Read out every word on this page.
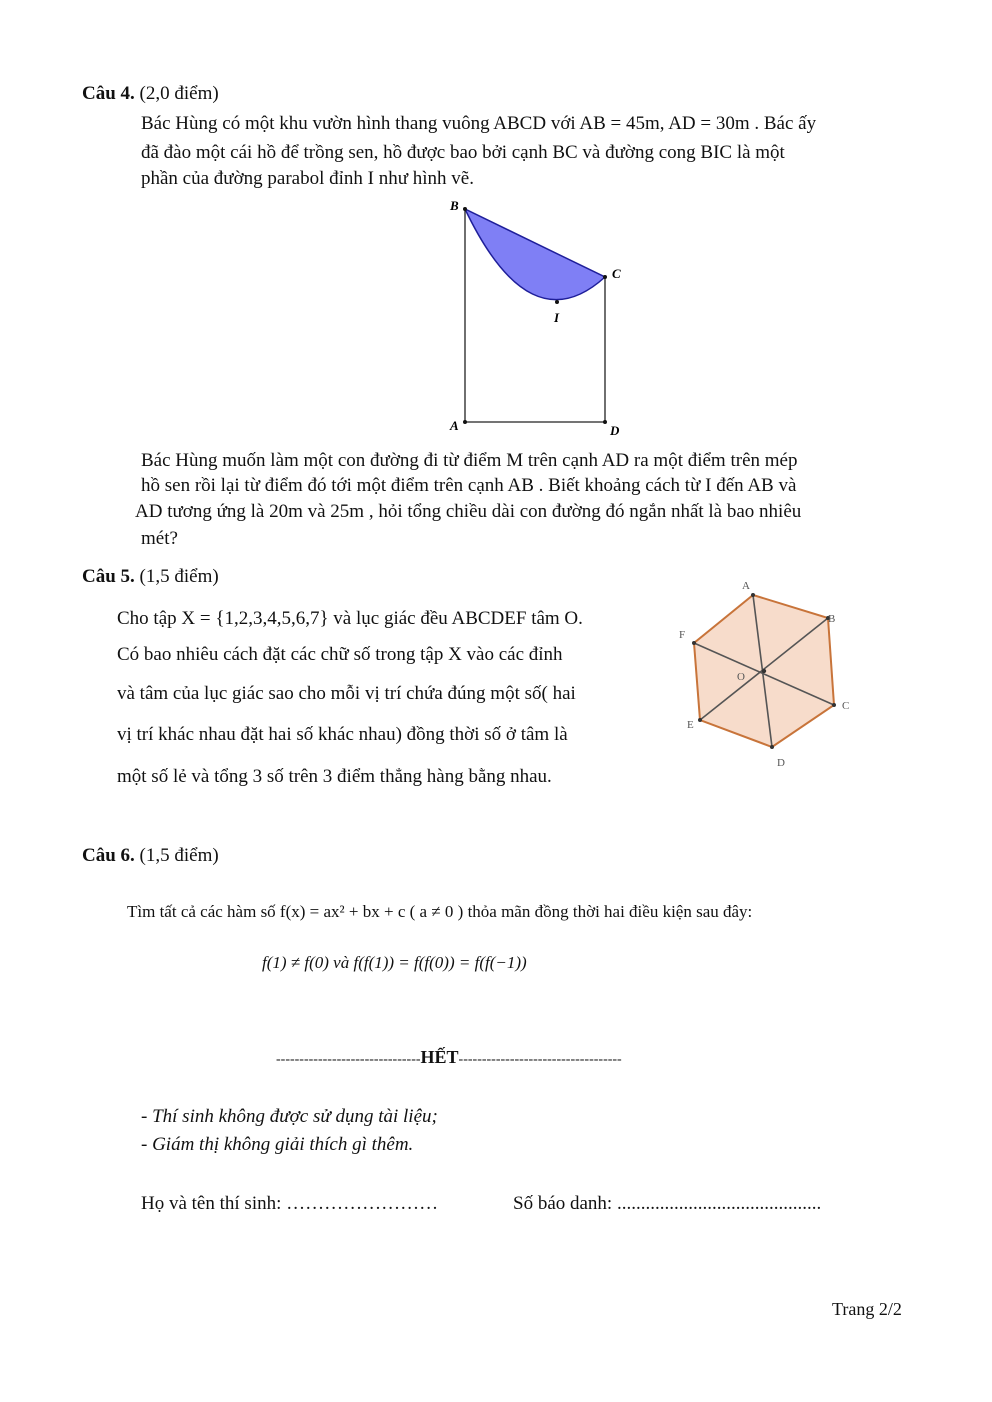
Câu 4. (2,0 điểm)
Bác Hùng có một khu vườn hình thang vuông ABCD với AB = 45m, AD = 30m . Bác ấy
đã đào một cái hồ để trồng sen, hồ được bao bởi cạnh BC và đường cong BIC là một
phần của đường parabol đỉnh I như hình vẽ.
B
C
I
A	D
Bác Hùng muốn làm một con đường đi từ điểm M trên cạnh AD ra một điểm trên mép
hồ sen rồi lại từ điểm đó tới một điểm trên cạnh AB . Biết khoảng cách từ I đến AB và
AD tương ứng là 20m và 25m , hỏi tổng chiều dài con đường đó ngắn nhất là bao nhiêu
mét?
Câu 5. (1,5 điểm)
Cho tập X = {1,2,3,4,5,6,7} và lục giác đều ABCDEF tâm O.
Có bao nhiêu cách đặt các chữ số trong tập X vào các đỉnh
và tâm của lục giác sao cho mỗi vị trí chứa đúng một số( hai
vị trí khác nhau đặt hai số khác nhau) đồng thời số ở tâm là
một số lẻ và tổng 3 số trên 3 điểm thẳng hàng bằng nhau.
A
B
C
D
E
F
O
Câu 6. (1,5 điểm)
Tìm tất cả các hàm số f(x) = ax² + bx + c ( a ≠ 0 ) thỏa mãn đồng thời hai điều kiện sau đây:
f(1) ≠ f(0) và f(f(1)) = f(f(0)) = f(f(−1))
-------------------------------HẾT-----------------------------------
- Thí sinh không được sử dụng tài liệu;
- Giám thị không giải thích gì thêm.
Họ và tên thí sinh: ……………………	Số báo danh: ...........................................
Trang 2/2
